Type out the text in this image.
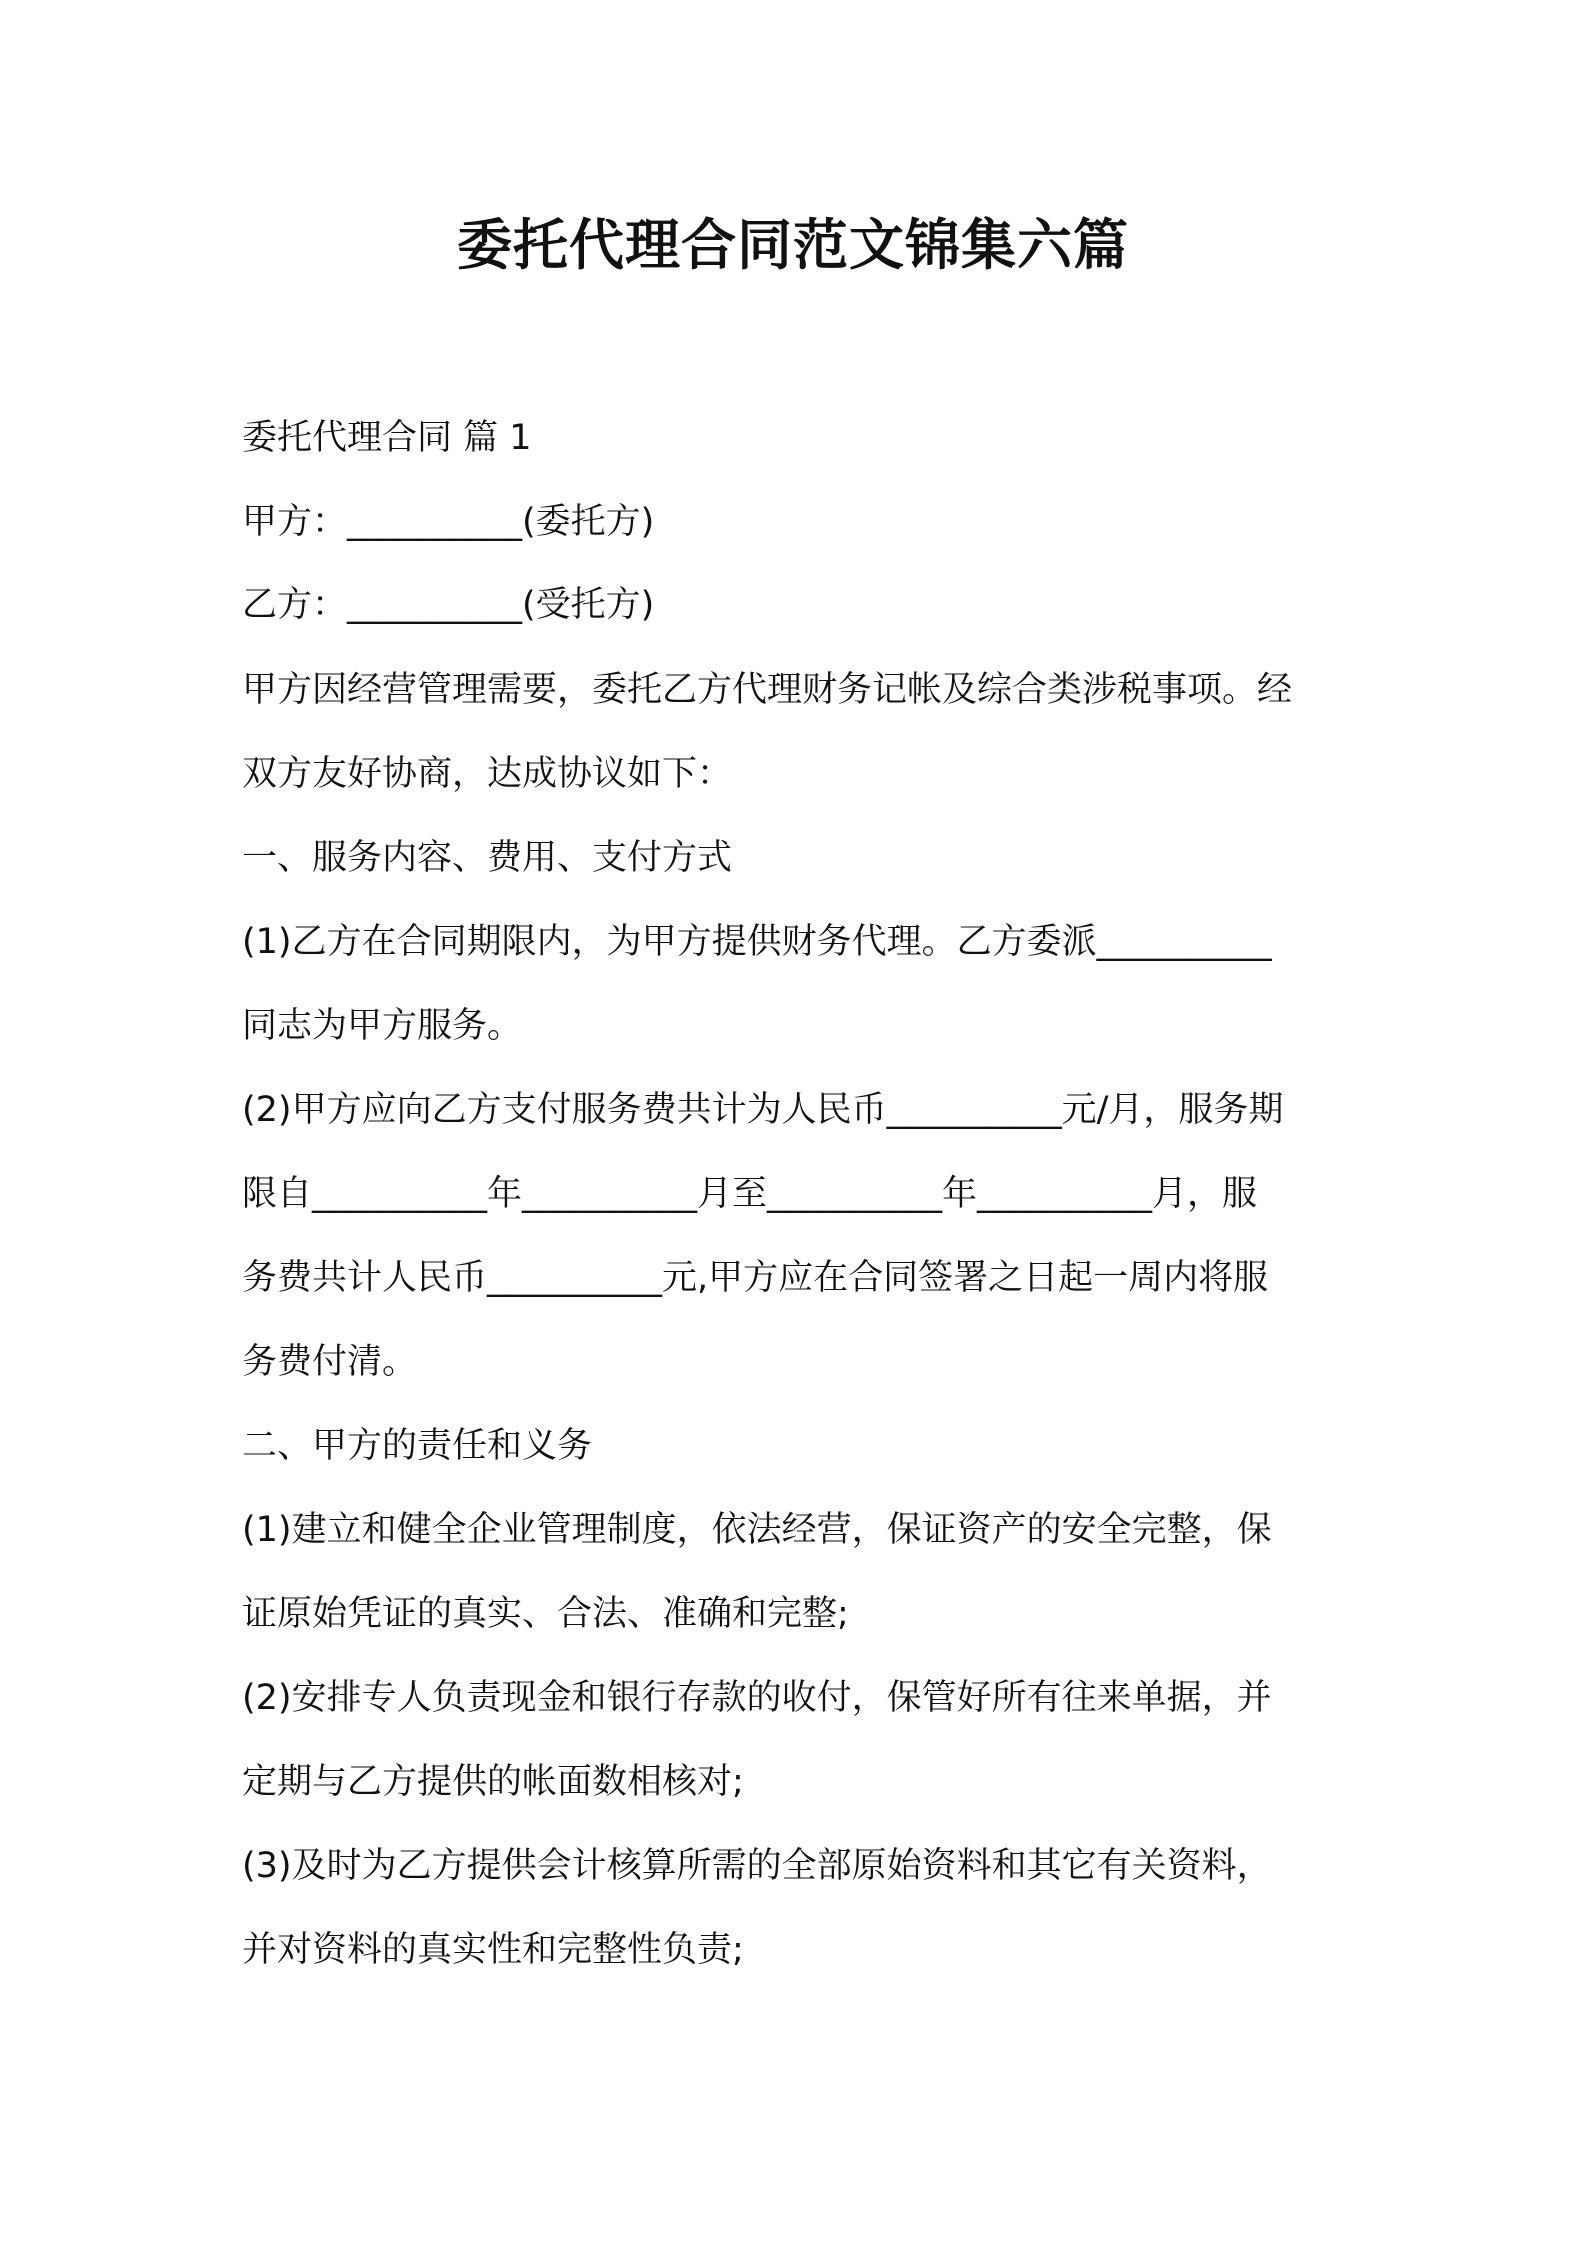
委托代理合同范文锦集六篇

委托代理合同 篇 1

甲方：__________(委托方)

乙方：__________(受托方)

甲方因经营管理需要，委托乙方代理财务记帐及综合类涉税事项。经

双方友好协商，达成协议如下：

一、服务内容、费用、支付方式

(1)乙方在合同期限内，为甲方提供财务代理。乙方委派__________

同志为甲方服务。

(2)甲方应向乙方支付服务费共计为人民币__________元/月，服务期

限自__________年__________月至__________年__________月，服

务费共计人民币__________元,甲方应在合同签署之日起一周内将服

务费付清。

二、甲方的责任和义务

(1)建立和健全企业管理制度，依法经营，保证资产的安全完整，保

证原始凭证的真实、合法、准确和完整;

(2)安排专人负责现金和银行存款的收付，保管好所有往来单据，并

定期与乙方提供的帐面数相核对;

(3)及时为乙方提供会计核算所需的全部原始资料和其它有关资料，

并对资料的真实性和完整性负责;
